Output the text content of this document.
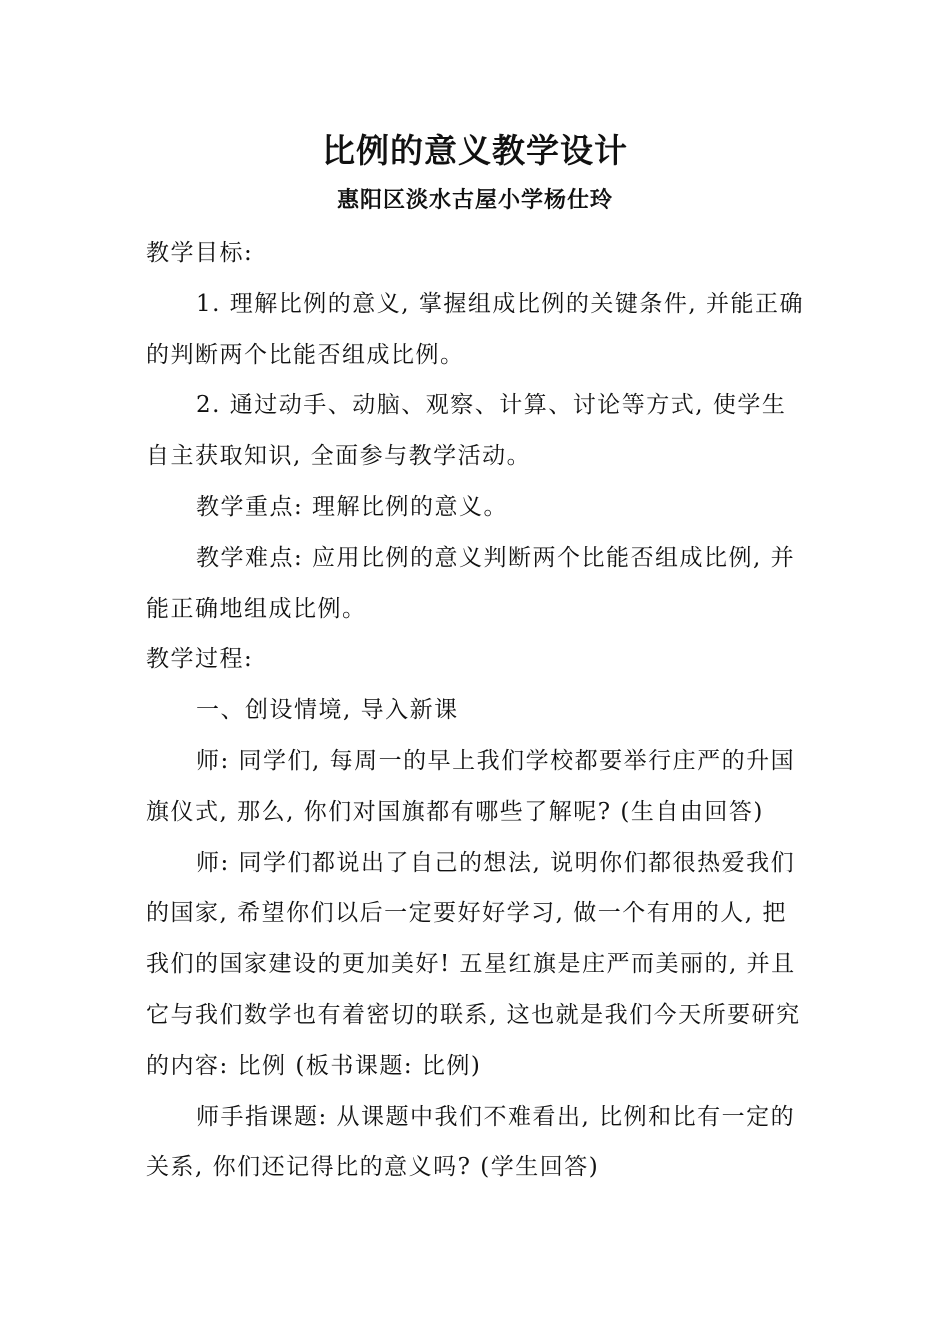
比例的意义教学设计
惠阳区淡水古屋小学杨仕玲

教学目标:

1. 理解比例的意义, 掌握组成比例的关键条件, 并能正确的判断两个比能否组成比例。

2. 通过动手、动脑、观察、计算、讨论等方式, 使学生自主获取知识, 全面参与教学活动。

教学重点: 理解比例的意义。

教学难点: 应用比例的意义判断两个比能否组成比例, 并能正确地组成比例。

教学过程:

一、创设情境, 导入新课

师: 同学们, 每周一的早上我们学校都要举行庄严的升国旗仪式, 那么, 你们对国旗都有哪些了解呢? (生自由回答)

师: 同学们都说出了自己的想法, 说明你们都很热爱我们的国家, 希望你们以后一定要好好学习, 做一个有用的人, 把我们的国家建设的更加美好! 五星红旗是庄严而美丽的, 并且它与我们数学也有着密切的联系, 这也就是我们今天所要研究的内容: 比例 (板书课题: 比例)

师手指课题: 从课题中我们不难看出, 比例和比有一定的关系, 你们还记得比的意义吗? (学生回答)
